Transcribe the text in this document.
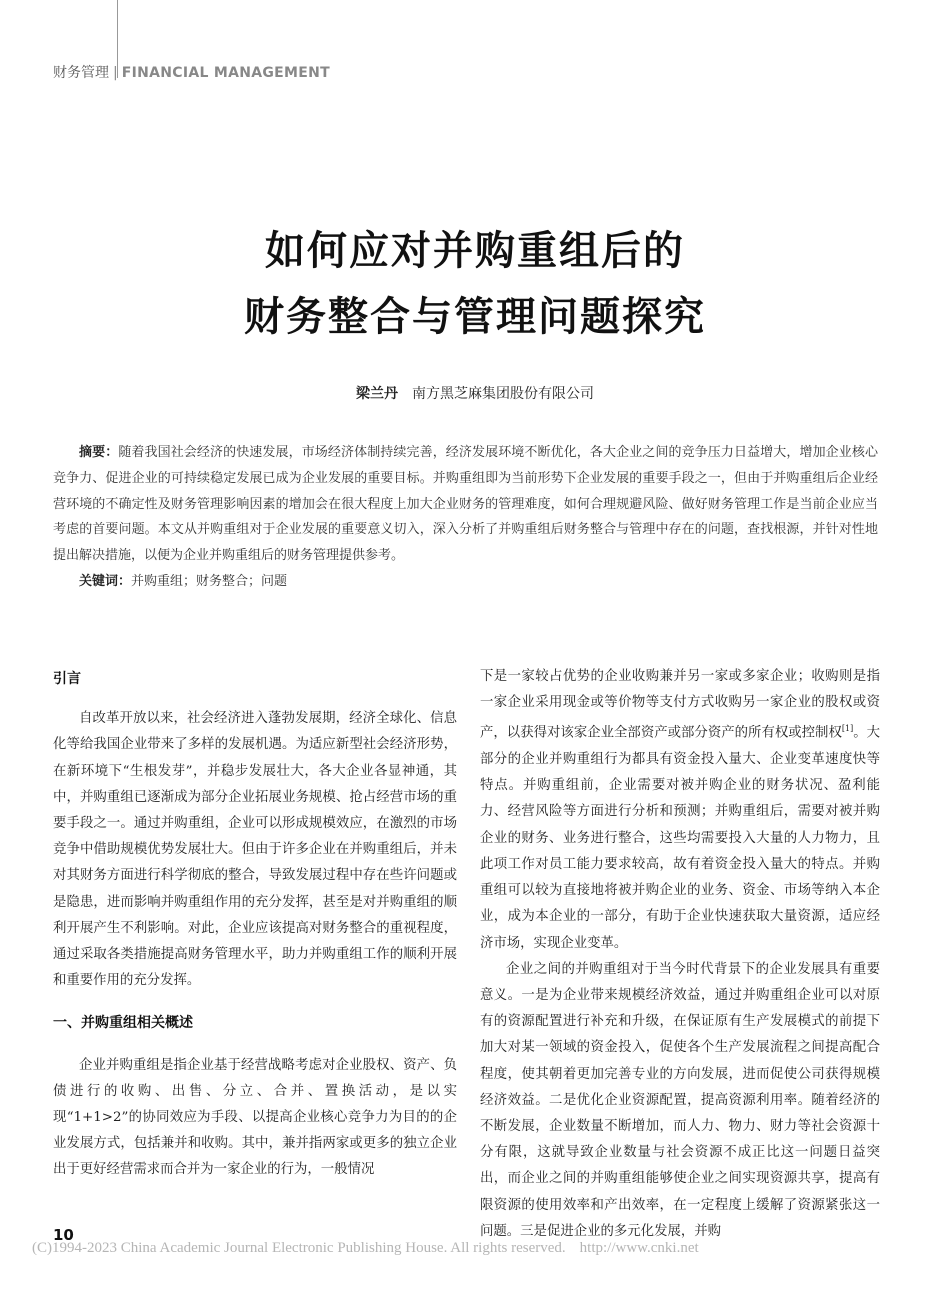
财务管理 | FINANCIAL MANAGEMENT
如何应对并购重组后的
财务整合与管理问题探究
梁兰丹 南方黑芝麻集团股份有限公司

摘要：随着我国社会经济的快速发展，市场经济体制持续完善，经济发展环境不断优化，各大企业之间的竞争压力日益增大，增加企业核心竞争力、促进企业的可持续稳定发展已成为企业发展的重要目标。并购重组即为当前形势下企业发展的重要手段之一，但由于并购重组后企业经营环境的不确定性及财务管理影响因素的增加会在很大程度上加大企业财务的管理难度，如何合理规避风险、做好财务管理工作是当前企业应当考虑的首要问题。本文从并购重组对于企业发展的重要意义切入，深入分析了并购重组后财务整合与管理中存在的问题，查找根源，并针对性地提出解决措施，以便为企业并购重组后的财务管理提供参考。

关键词：并购重组；财务整合；问题

引言

自改革开放以来，社会经济进入蓬勃发展期，经济全球化、信息化等给我国企业带来了多样的发展机遇。为适应新型社会经济形势，在新环境下“生根发芽”，并稳步发展壮大，各大企业各显神通，其中，并购重组已逐渐成为部分企业拓展业务规模、抢占经营市场的重要手段之一。通过并购重组，企业可以形成规模效应，在激烈的市场竞争中借助规模优势发展壮大。但由于许多企业在并购重组后，并未对其财务方面进行科学彻底的整合，导致发展过程中存在些许问题或是隐患，进而影响并购重组作用的充分发挥，甚至是对并购重组的顺利开展产生不利影响。对此，企业应该提高对财务整合的重视程度，通过采取各类措施提高财务管理水平，助力并购重组工作的顺利开展和重要作用的充分发挥。

一、并购重组相关概述

企业并购重组是指企业基于经营战略考虑对企业股权、资产、负债进行的收购、出售、分立、合并、置换活动，是以实现“1+1>2”的协同效应为手段、以提高企业核心竞争力为目的的企业发展方式，包括兼并和收购。其中，兼并指两家或更多的独立企业出于更好经营需求而合并为一家企业的行为，一般情况

下是一家较占优势的企业收购兼并另一家或多家企业；收购则是指一家企业采用现金或等价物等支付方式收购另一家企业的股权或资产，以获得对该家企业全部资产或部分资产的所有权或控制权[1]。大部分的企业并购重组行为都具有资金投入量大、企业变革速度快等特点。并购重组前，企业需要对被并购企业的财务状况、盈利能力、经营风险等方面进行分析和预测；并购重组后，需要对被并购企业的财务、业务进行整合，这些均需要投入大量的人力物力，且此项工作对员工能力要求较高，故有着资金投入量大的特点。并购重组可以较为直接地将被并购企业的业务、资金、市场等纳入本企业，成为本企业的一部分，有助于企业快速获取大量资源，适应经济市场，实现企业变革。

企业之间的并购重组对于当今时代背景下的企业发展具有重要意义。一是为企业带来规模经济效益，通过并购重组企业可以对原有的资源配置进行补充和升级，在保证原有生产发展模式的前提下加大对某一领域的资金投入，促使各个生产发展流程之间提高配合程度，使其朝着更加完善专业的方向发展，进而促使公司获得规模经济效益。二是优化企业资源配置，提高资源利用率。随着经济的不断发展，企业数量不断增加，而人力、物力、财力等社会资源十分有限，这就导致企业数量与社会资源不成正比这一问题日益突出，而企业之间的并购重组能够使企业之间实现资源共享，提高有限资源的使用效率和产出效率，在一定程度上缓解了资源紧张这一问题。三是促进企业的多元化发展，并购

10
(C)1994-2023 China Academic Journal Electronic Publishing House. All rights reserved. http://www.cnki.net
